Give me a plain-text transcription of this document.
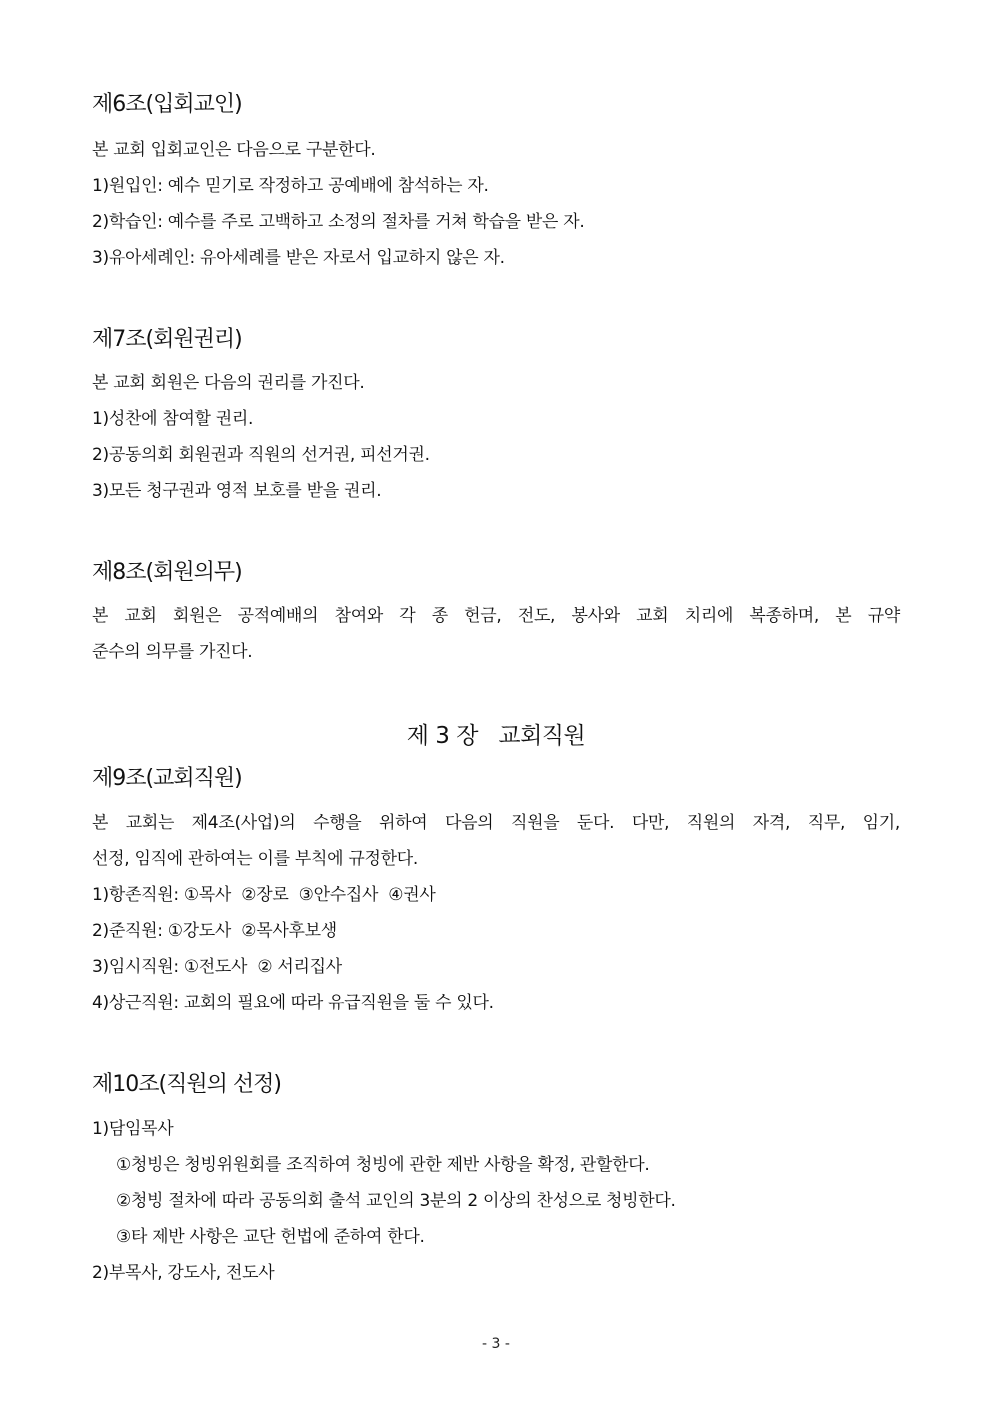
제6조(입회교인)
본 교회 입회교인은 다음으로 구분한다.
1)원입인: 예수 믿기로 작정하고 공예배에 참석하는 자.
2)학습인: 예수를 주로 고백하고 소정의 절차를 거쳐 학습을 받은 자.
3)유아세례인: 유아세례를 받은 자로서 입교하지 않은 자.
제7조(회원권리)
본 교회 회원은 다음의 권리를 가진다.
1)성찬에 참여할 권리.
2)공동의회 회원권과 직원의 선거권, 피선거권.
3)모든 청구권과 영적 보호를 받을 권리.
제8조(회원의무)
본 교회 회원은 공적예배의 참여와 각 종 헌금, 전도, 봉사와 교회 치리에 복종하며, 본 규약
준수의 의무를 가진다.
제 3 장   교회직원
제9조(교회직원)
본 교회는 제4조(사업)의 수행을 위하여 다음의 직원을 둔다. 다만, 직원의 자격, 직무, 임기,
선정, 임직에 관하여는 이를 부칙에 규정한다.
1)항존직원: ①목사  ②장로  ③안수집사  ④권사
2)준직원: ①강도사  ②목사후보생
3)임시직원: ①전도사  ② 서리집사
4)상근직원: 교회의 필요에 따라 유급직원을 둘 수 있다.
제10조(직원의 선정)
1)담임목사
①청빙은 청빙위원회를 조직하여 청빙에 관한 제반 사항을 확정, 관할한다.
②청빙 절차에 따라 공동의회 출석 교인의 3분의 2 이상의 찬성으로 청빙한다.
③타 제반 사항은 교단 헌법에 준하여 한다.
2)부목사, 강도사, 전도사
- 3 -
